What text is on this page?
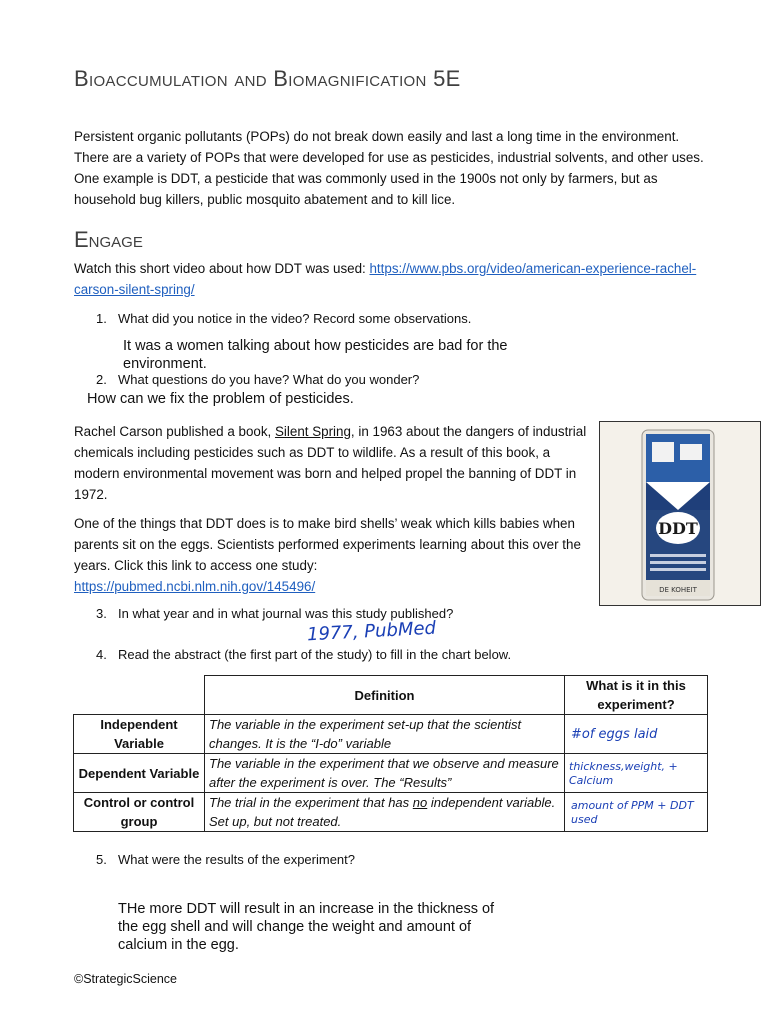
Bioaccumulation and Biomagnification 5E
Persistent organic pollutants (POPs) do not break down easily and last a long time in the environment. There are a variety of POPs that were developed for use as pesticides, industrial solvents, and other uses. One example is DDT, a pesticide that was commonly used in the 1900s not only by farmers, but as household bug killers, public mosquito abatement and to kill lice.
Engage
Watch this short video about how DDT was used: https://www.pbs.org/video/american-experience-rachel-carson-silent-spring/
1. What did you notice in the video? Record some observations.
It was a women talking about how pesticides are bad for the environment.
2. What questions do you have? What do you wonder?
How can we fix the problem of pesticides.
Rachel Carson published a book, Silent Spring, in 1963 about the dangers of industrial chemicals including pesticides such as DDT to wildlife. As a result of this book, a modern environmental movement was born and helped propel the banning of DDT in 1972.
One of the things that DDT does is to make bird shells’ weak which kills babies when parents sit on the eggs. Scientists performed experiments learning about this over the years. Click this link to access one study:
https://pubmed.ncbi.nlm.nih.gov/145496/
DDT
DE KOHEIT
3. In what year and in what journal was this study published?
1977, PubMed
4. Read the abstract (the first part of the study) to fill in the chart below.
	Definition	What is it in this experiment?
Independent Variable	The variable in the experiment set-up that the scientist changes. It is the “I-do” variable	#of eggs laid
Dependent Variable	The variable in the experiment that we observe and measure after the experiment is over. The “Results”	thickness,weight, + Calcium
Control or control group	The trial in the experiment that has no independent variable. Set up, but not treated.	amount of PPM + DDT used
5. What were the results of the experiment?
THe more DDT will result in an increase in the thickness of the egg shell and will change the weight and amount of calcium in the egg.
©StrategicScience
